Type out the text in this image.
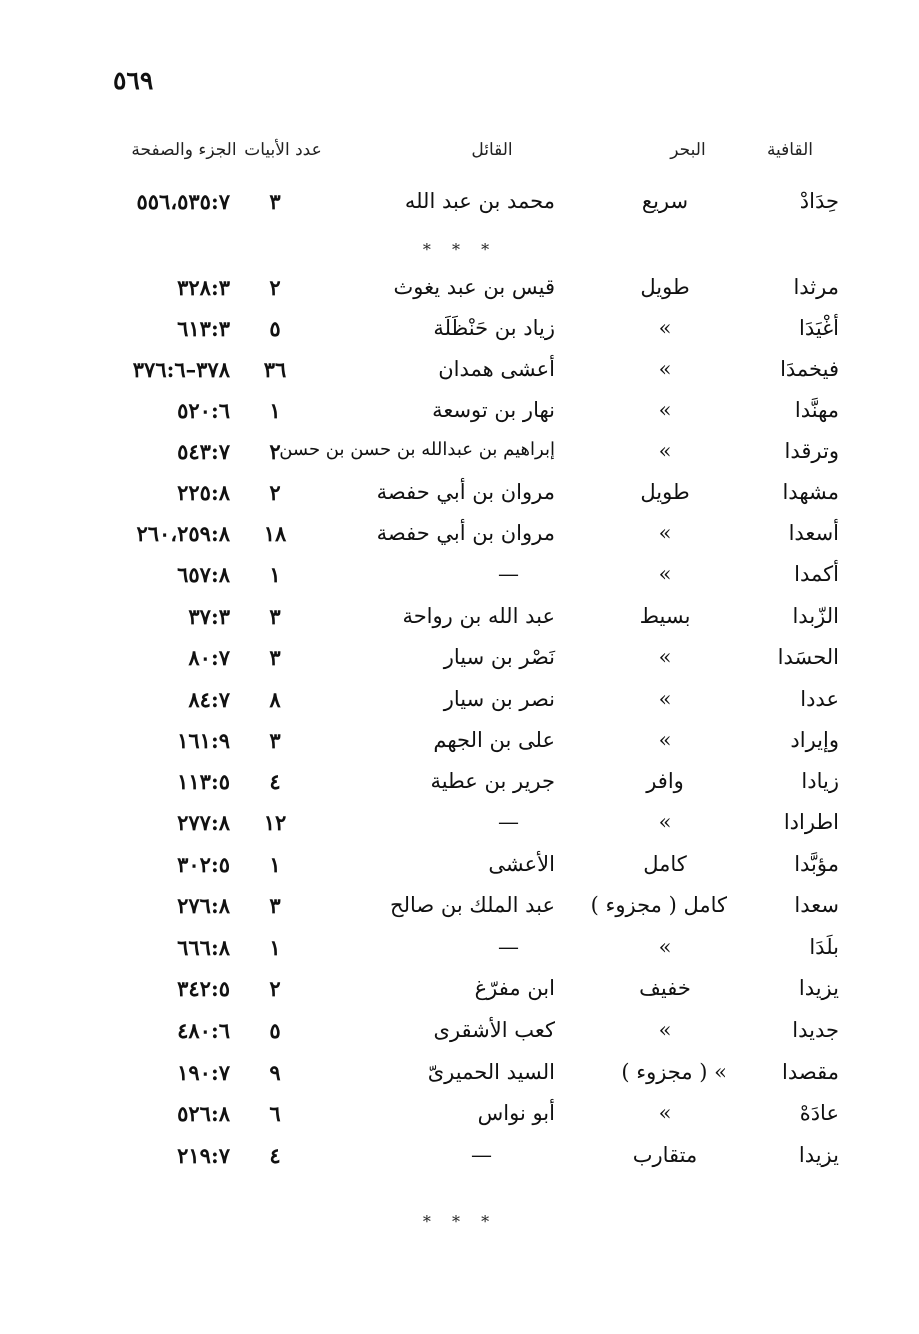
٥٦٩
القافية
البحر
القائل
عدد الأبيات
الجزء والصفحة
حِدَادْ
سريع
محمد بن عبد الله
٣
٥٥٦،٥٣٥:٧
* * *
مرثدا
طويل
قيس بن عبد يغوث
٢
٣٢٨:٣
أغْيَدَا
»
زياد بن حَنْظَلَة
٥
٦١٣:٣
فيخمدَا
»
أعشى همدان
٣٦
٣٧٨–٣٧٦:٦
مهنَّدا
»
نهار بن توسعة
١
٥٢٠:٦
وترقدا
»
إبراهيم بن عبدالله بن حسن بن حسن
٢
٥٤٣:٧
مشهدا
طويل
مروان بن أبي حفصة
٢
٢٢٥:٨
أسعدا
»
مروان بن أبي حفصة
١٨
٢٦٠،٢٥٩:٨
أكمدا
»
—
١
٦٥٧:٨
الزّبدا
بسيط
عبد الله بن رواحة
٣
٣٧:٣
الحسَدا
»
نَصْر بن سيار
٣
٨٠:٧
عددا
»
نصر بن سيار
٨
٨٤:٧
وإيراد
»
على بن الجهم
٣
١٦١:٩
زيادا
وافر
جرير بن عطية
٤
١١٣:٥
اطرادا
»
—
١٢
٢٧٧:٨
مؤبَّدا
كامل
الأعشى
١
٣٠٢:٥
سعدا
كامل ( مجزوء )
عبد الملك بن صالح
٣
٢٧٦:٨
بلَدَا
»
—
١
٦٦٦:٨
يزيدا
خفيف
ابن مفرّغ
٢
٣٤٢:٥
جديدا
»
كعب الأشقرى
٥
٤٨٠:٦
مقصدا
» ( مجزوء )
السيد الحميرىّ
٩
١٩٠:٧
عادَهْ
»
أبو نواس
٦
٥٢٦:٨
يزيدا
متقارب
—
٤
٢١٩:٧
* * *
